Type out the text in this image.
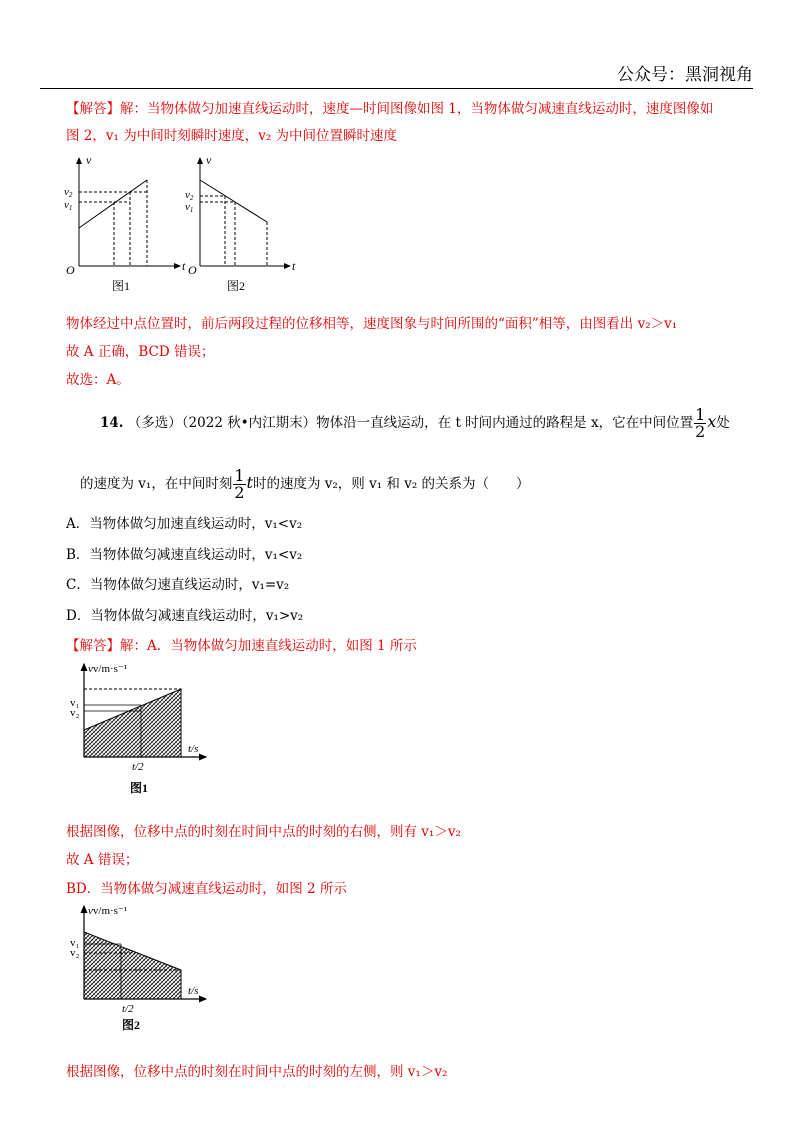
公众号：黑洞视角
【解答】解：当物体做匀加速直线运动时，速度—时间图像如图 1，当物体做匀减速直线运动时，速度图像如
图 2，v₁ 为中间时刻瞬时速度，v₂ 为中间位置瞬时速度
v
t
O
v2
v1
图1
v
t
O
v2
v1
图2
物体经过中点位置时，前后两段过程的位移相等，速度图象与时间所围的“面积”相等，由图看出 v₂＞v₁
故 A 正确，BCD 错误；
故选：A。
14. （多选）（2022 秋•内江期末）物体沿一直线运动，在 t 时间内通过的路程是 x，它在中间位置 $\frac{1}{2}$ x处
的速度为 v₁，在中间时刻 $\frac{1}{2}$ t时的速度为 v₂，则 v₁ 和 v₂ 的关系为（　　）
A．当物体做匀加速直线运动时，v₁<v₂
B．当物体做匀减速直线运动时，v₁<v₂
C．当物体做匀速直线运动时，v₁=v₂
D．当物体做匀减速直线运动时，v₁>v₂
【解答】解：A．当物体做匀加速直线运动时，如图 1 所示
vv/m·s⁻¹
v₁
v₂
t/s
t/2
图1
根据图像，位移中点的时刻在时间中点的时刻的右侧，则有 v₁＞v₂
故 A 错误；
BD．当物体做匀减速直线运动时，如图 2 所示
vv/m·s⁻¹
v₁
v₂
t/s
t/2
图2
根据图像，位移中点的时刻在时间中点的时刻的左侧，则 v₁＞v₂
